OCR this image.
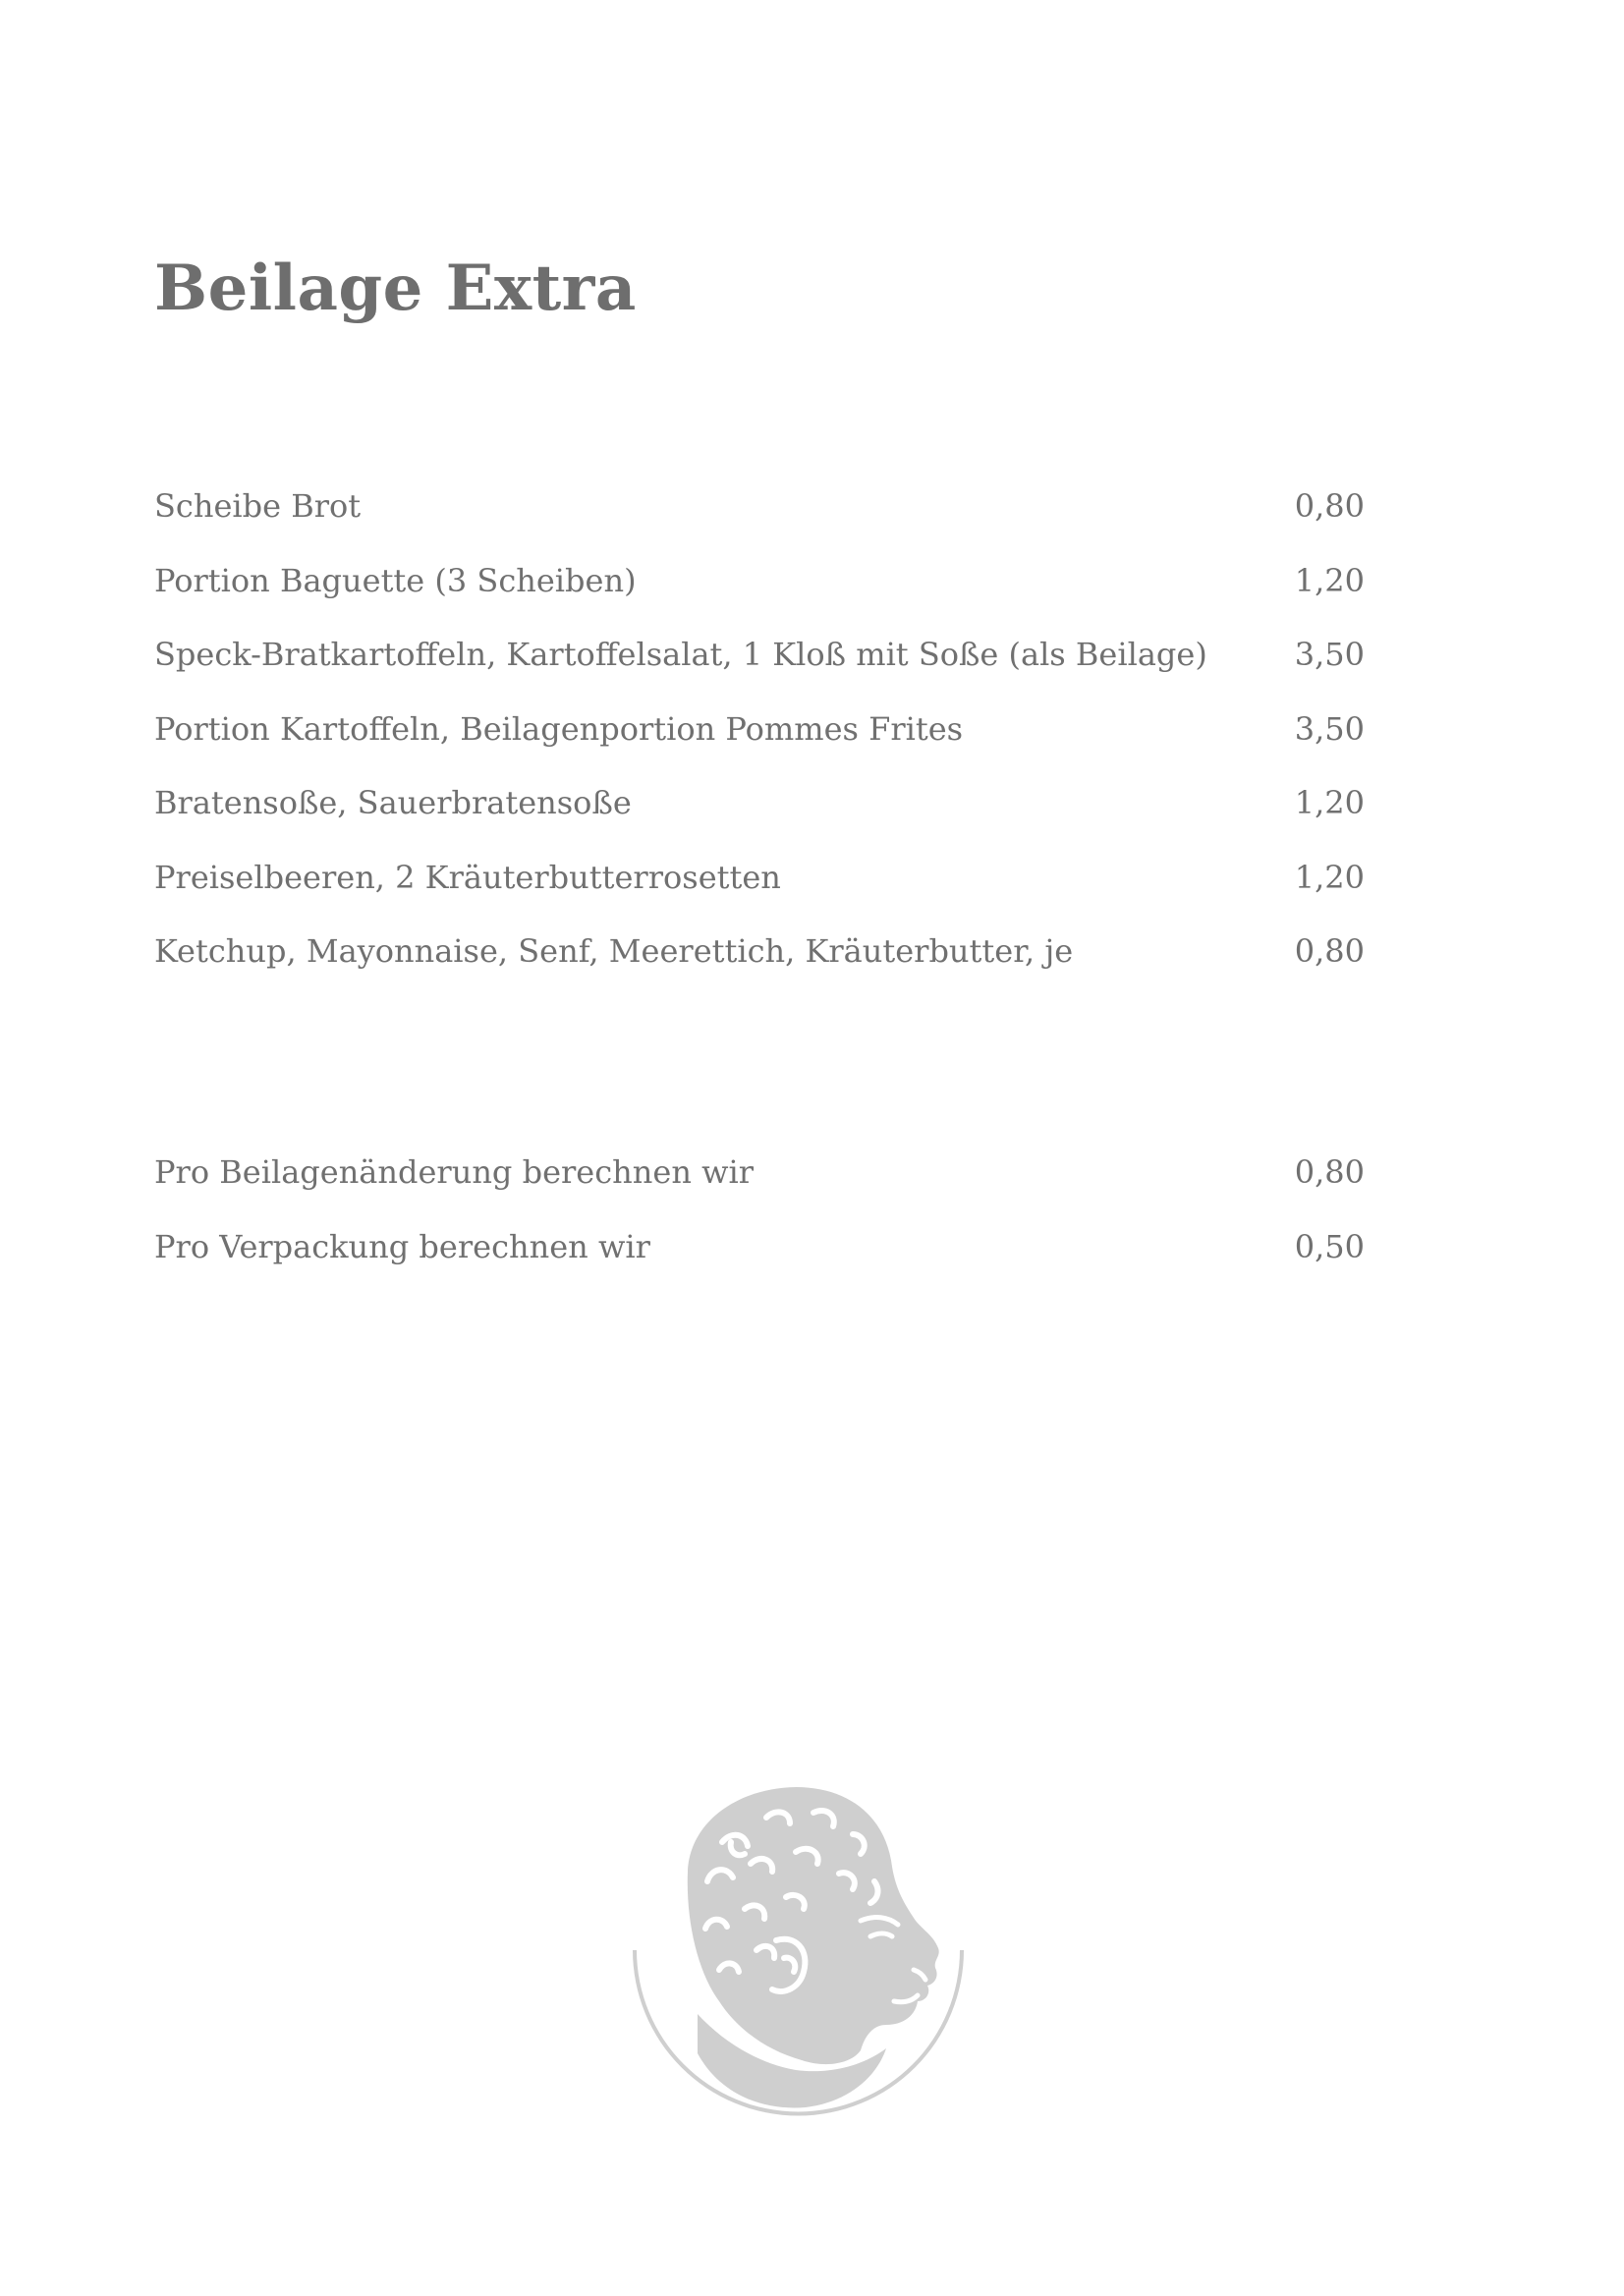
Beilage Extra
Scheibe Brot	0,80
Portion Baguette (3 Scheiben)	1,20
Speck-Bratkartoffeln, Kartoffelsalat, 1 Kloß mit Soße (als Beilage)	3,50
Portion Kartoffeln, Beilagenportion Pommes Frites	3,50
Bratensoße, Sauerbratensoße	1,20
Preiselbeeren, 2 Kräuterbutterrosetten	1,20
Ketchup, Mayonnaise, Senf, Meerettich, Kräuterbutter, je	0,80
Pro Beilagenänderung berechnen wir	0,80
Pro Verpackung berechnen wir	0,50
